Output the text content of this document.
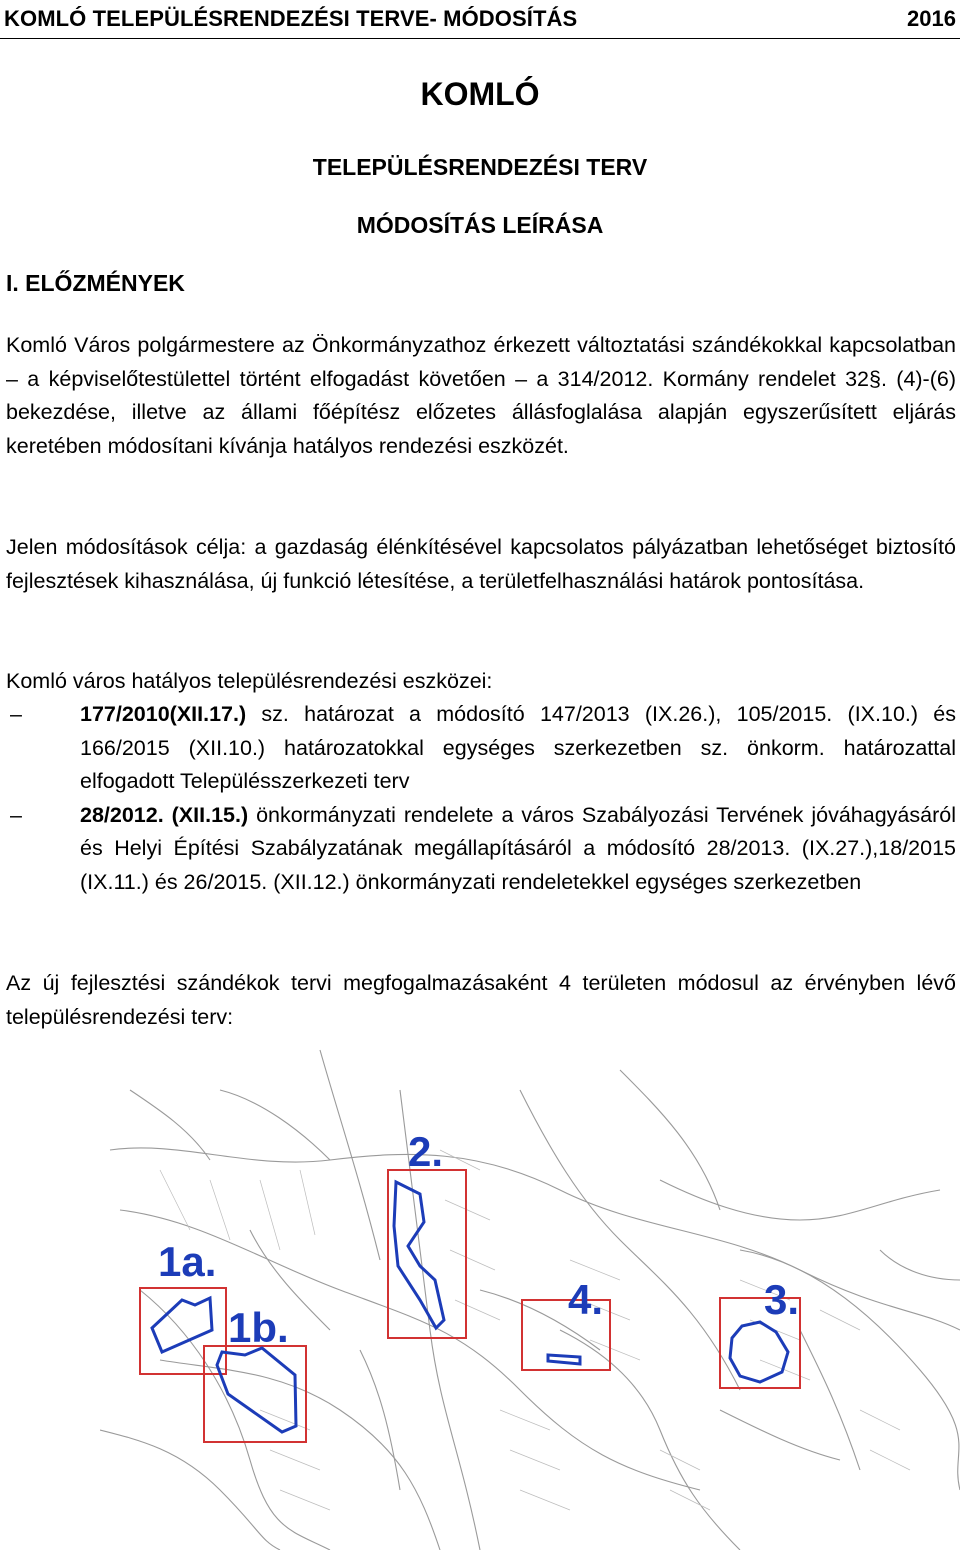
KOMLÓ TELEPÜLÉSRENDEZÉSI TERVE- MÓDOSÍTÁS	2016
KOMLÓ
TELEPÜLÉSRENDEZÉSI TERV
MÓDOSÍTÁS LEÍRÁSA
I. ELŐZMÉNYEK
Komló Város polgármestere az Önkormányzathoz érkezett változtatási szándékokkal kapcsolatban – a képviselőtestülettel történt elfogadást követően – a 314/2012. Kormány rendelet 32§. (4)-(6) bekezdése, illetve az állami főépítész előzetes állásfoglalása alapján egyszerűsített eljárás keretében módosítani kívánja hatályos rendezési eszközét.
Jelen módosítások célja: a gazdaság élénkítésével kapcsolatos pályázatban lehetőséget biztosító fejlesztések kihasználása, új funkció létesítése, a területfelhasználási határok pontosítása.
Komló város hatályos településrendezési eszközei:
–	177/2010(XII.17.) sz. határozat a módosító 147/2013 (IX.26.), 105/2015. (IX.10.) és 166/2015 (XII.10.) határozatokkal egységes szerkezetben sz. önkorm. határozattal elfogadott Településszerkezeti terv
–	28/2012. (XII.15.) önkormányzati rendelete a város Szabályozási Tervének jóváhagyásáról és Helyi Építési Szabályzatának megállapításáról a módosító 28/2013. (IX.27.),18/2015 (IX.11.) és 26/2015. (XII.12.) önkormányzati rendeletekkel egységes szerkezetben
Az új fejlesztési szándékok tervi megfogalmazásaként 4 területen módosul az érvényben lévő településrendezési terv:
1a.
1b.
2.
4.	3.
